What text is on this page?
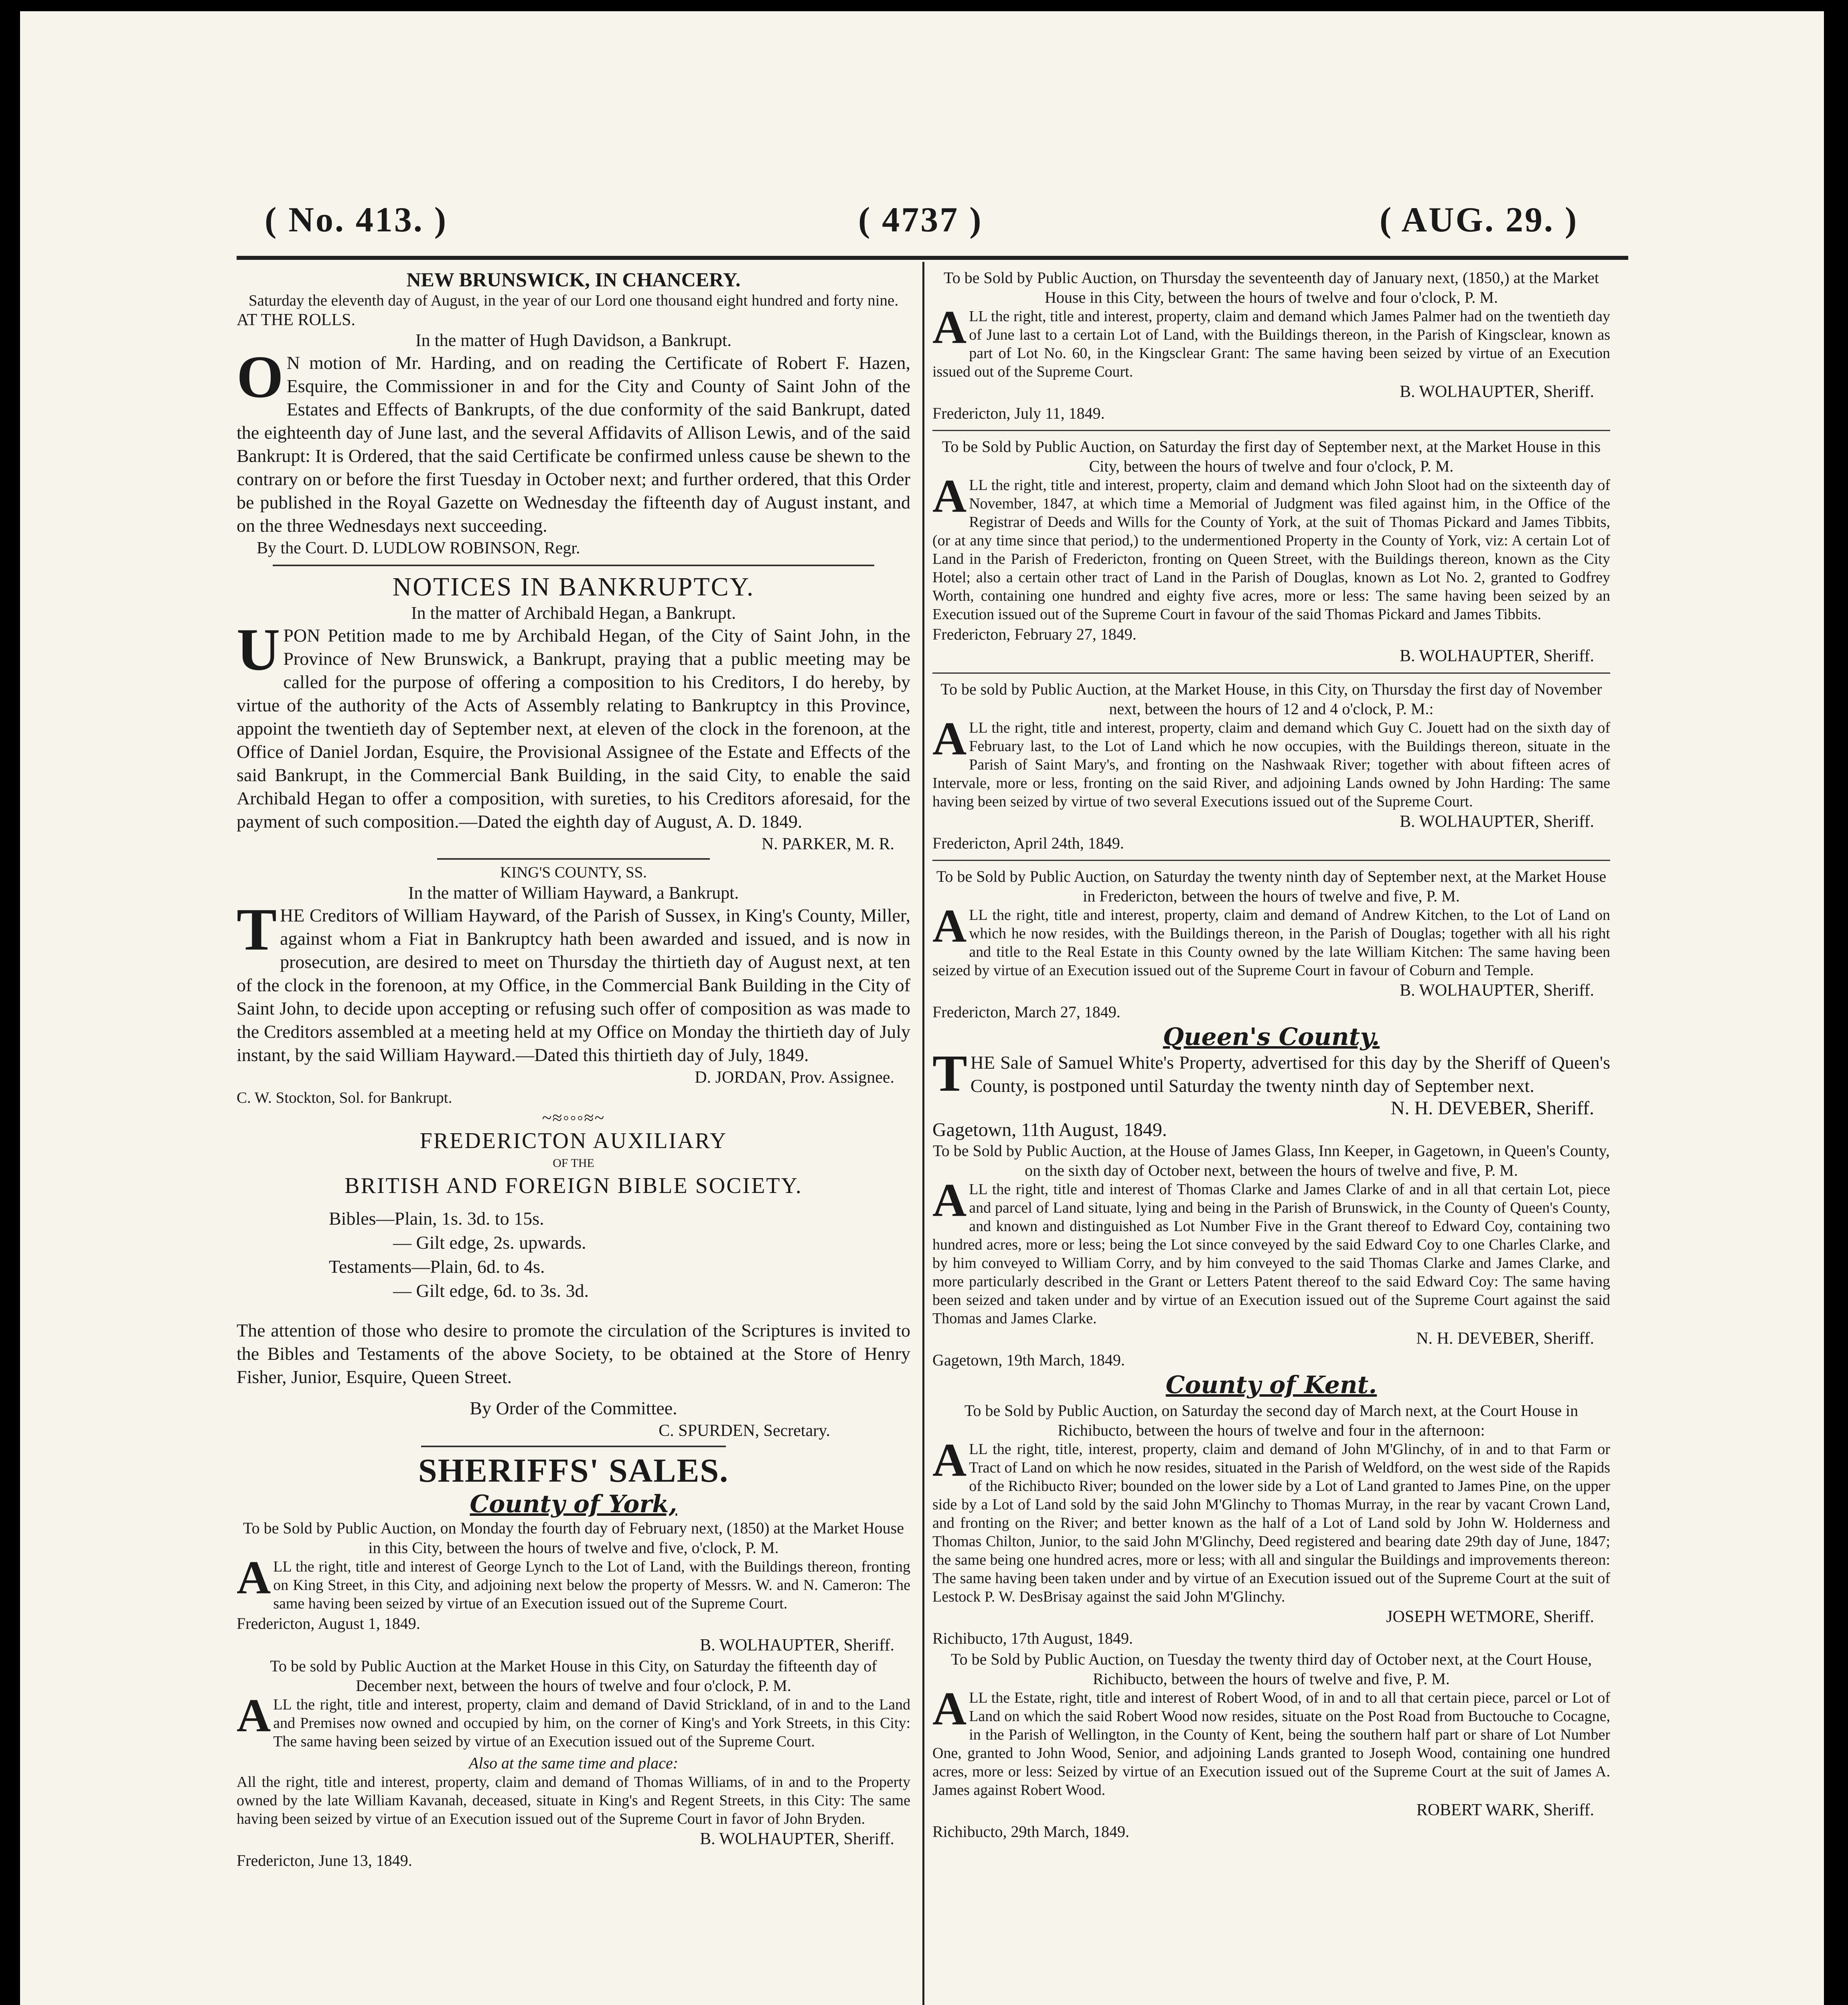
( No. 413. )	( 4737 )	( AUG. 29. )

NEW BRUNSWICK, IN CHANCERY.

Saturday the eleventh day of August, in the year of our Lord one thousand eight hundred and forty nine.

AT THE ROLLS.

In the matter of Hugh Davidson, a Bankrupt.

O N motion of Mr. Harding, and on reading the Certificate of Robert F. Hazen, Esquire, the Commissioner in and for the City and County of Saint John of the Estates and Effects of Bankrupts, of the due conformity of the said Bankrupt, dated the eighteenth day of June last, and the several Affidavits of Allison Lewis, and of the said Bankrupt: It is Ordered, that the said Certificate be confirmed unless cause be shewn to the contrary on or before the first Tuesday in October next; and further ordered, that this Order be published in the Royal Gazette on Wednesday the fifteenth day of August instant, and on the three Wednesdays next succeeding.

By the Court. D. LUDLOW ROBINSON, Regr.

NOTICES IN BANKRUPTCY.

In the matter of Archibald Hegan, a Bankrupt.

UPON Petition made to me by Archibald Hegan, of the City of Saint John, in the Province of New Brunswick, a Bankrupt, praying that a public meeting may be called for the purpose of offering a composition to his Creditors, I do hereby, by virtue of the authority of the Acts of Assembly relating to Bankruptcy in this Province, appoint the twentieth day of September next, at eleven of the clock in the forenoon, at the Office of Daniel Jordan, Esquire, the Provisional Assignee of the Estate and Effects of the said Bankrupt, in the Commercial Bank Building, in the said City, to enable the said Archibald Hegan to offer a composition, with sureties, to his Creditors aforesaid, for the payment of such composition.—Dated the eighth day of August, A. D. 1849.

N. PARKER, M. R.

KING'S COUNTY, SS.

In the matter of William Hayward, a Bankrupt.

THE Creditors of William Hayward, of the Parish of Sussex, in King's County, Miller, against whom a Fiat in Bankruptcy hath been awarded and issued, and is now in prosecution, are desired to meet on Thursday the thirtieth day of August next, at ten of the clock in the forenoon, at my Office, in the Commercial Bank Building in the City of Saint John, to decide upon accepting or refusing such offer of composition as was made to the Creditors assembled at a meeting held at my Office on Monday the thirtieth day of July instant, by the said William Hayward.—Dated this thirtieth day of July, 1849.

D. JORDAN, Prov. Assignee.

C. W. Stockton, Sol. for Bankrupt.

~≈◦◦◦≈~

FREDERICTON AUXILIARY

OF THE

BRITISH AND FOREIGN BIBLE SOCIETY.

Bibles—Plain, 1s. 3d. to 15s.

— Gilt edge, 2s. upwards.

Testaments—Plain, 6d. to 4s.

— Gilt edge, 6d. to 3s. 3d.

The attention of those who desire to promote the circulation of the Scriptures is invited to the Bibles and Testaments of the above Society, to be obtained at the Store of Henry Fisher, Junior, Esquire, Queen Street.

By Order of the Committee.

C. SPURDEN, Secretary.

SHERIFFS' SALES.

County of York,

To be Sold by Public Auction, on Monday the fourth day of February next, (1850) at the Market House in this City, between the hours of twelve and five, o'clock, P. M.

ALL the right, title and interest of George Lynch to the Lot of Land, with the Buildings thereon, fronting on King Street, in this City, and adjoining next below the property of Messrs. W. and N. Cameron: The same having been seized by virtue of an Execution issued out of the Supreme Court.

Fredericton, August 1, 1849.

B. WOLHAUPTER, Sheriff.

To be sold by Public Auction at the Market House in this City, on Saturday the fifteenth day of December next, between the hours of twelve and four o'clock, P. M.

ALL the right, title and interest, property, claim and demand of David Strickland, of in and to the Land and Premises now owned and occupied by him, on the corner of King's and York Streets, in this City: The same having been seized by virtue of an Execution issued out of the Supreme Court.

Also at the same time and place:

All the right, title and interest, property, claim and demand of Thomas Williams, of in and to the Property owned by the late William Kavanah, deceased, situate in King's and Regent Streets, in this City: The same having been seized by virtue of an Execution issued out of the Supreme Court in favor of John Bryden.

B. WOLHAUPTER, Sheriff.

Fredericton, June 13, 1849.

To be Sold by Public Auction, on Thursday the seventeenth day of January next, (1850,) at the Market House in this City, between the hours of twelve and four o'clock, P. M.

ALL the right, title and interest, property, claim and demand which James Palmer had on the twentieth day of June last to a certain Lot of Land, with the Buildings thereon, in the Parish of Kingsclear, known as part of Lot No. 60, in the Kingsclear Grant: The same having been seized by virtue of an Execution issued out of the Supreme Court.

B. WOLHAUPTER, Sheriff.

Fredericton, July 11, 1849.

To be Sold by Public Auction, on Saturday the first day of September next, at the Market House in this City, between the hours of twelve and four o'clock, P. M.

ALL the right, title and interest, property, claim and demand which John Sloot had on the sixteenth day of November, 1847, at which time a Memorial of Judgment was filed against him, in the Office of the Registrar of Deeds and Wills for the County of York, at the suit of Thomas Pickard and James Tibbits, (or at any time since that period,) to the undermentioned Property in the County of York, viz: A certain Lot of Land in the Parish of Fredericton, fronting on Queen Street, with the Buildings thereon, known as the City Hotel; also a certain other tract of Land in the Parish of Douglas, known as Lot No. 2, granted to Godfrey Worth, containing one hundred and eighty five acres, more or less: The same having been seized by an Execution issued out of the Supreme Court in favour of the said Thomas Pickard and James Tibbits.

Fredericton, February 27, 1849.

B. WOLHAUPTER, Sheriff.

To be sold by Public Auction, at the Market House, in this City, on Thursday the first day of November next, between the hours of 12 and 4 o'clock, P. M.:

ALL the right, title and interest, property, claim and demand which Guy C. Jouett had on the sixth day of February last, to the Lot of Land which he now occupies, with the Buildings thereon, situate in the Parish of Saint Mary's, and fronting on the Nashwaak River; together with about fifteen acres of Intervale, more or less, fronting on the said River, and adjoining Lands owned by John Harding: The same having been seized by virtue of two several Executions issued out of the Supreme Court.

B. WOLHAUPTER, Sheriff.

Fredericton, April 24th, 1849.

To be Sold by Public Auction, on Saturday the twenty ninth day of September next, at the Market House in Fredericton, between the hours of twelve and five, P. M.

ALL the right, title and interest, property, claim and demand of Andrew Kitchen, to the Lot of Land on which he now resides, with the Buildings thereon, in the Parish of Douglas; together with all his right and title to the Real Estate in this County owned by the late William Kitchen: The same having been seized by virtue of an Execution issued out of the Supreme Court in favour of Coburn and Temple.

B. WOLHAUPTER, Sheriff.

Fredericton, March 27, 1849.

Queen's County.

THE Sale of Samuel White's Property, advertised for this day by the Sheriff of Queen's County, is postponed until Saturday the twenty ninth day of September next.

N. H. DEVEBER, Sheriff.

Gagetown, 11th August, 1849.

To be Sold by Public Auction, at the House of James Glass, Inn Keeper, in Gagetown, in Queen's County, on the sixth day of October next, between the hours of twelve and five, P. M.

ALL the right, title and interest of Thomas Clarke and James Clarke of and in all that certain Lot, piece and parcel of Land situate, lying and being in the Parish of Brunswick, in the County of Queen's County, and known and distinguished as Lot Number Five in the Grant thereof to Edward Coy, containing two hundred acres, more or less; being the Lot since conveyed by the said Edward Coy to one Charles Clarke, and by him conveyed to William Corry, and by him conveyed to the said Thomas Clarke and James Clarke, and more particularly described in the Grant or Letters Patent thereof to the said Edward Coy: The same having been seized and taken under and by virtue of an Execution issued out of the Supreme Court against the said Thomas and James Clarke.

N. H. DEVEBER, Sheriff.

Gagetown, 19th March, 1849.

County of Kent.

To be Sold by Public Auction, on Saturday the second day of March next, at the Court House in Richibucto, between the hours of twelve and four in the afternoon:

ALL the right, title, interest, property, claim and demand of John M'Glinchy, of in and to that Farm or Tract of Land on which he now resides, situated in the Parish of Weldford, on the west side of the Rapids of the Richibucto River; bounded on the lower side by a Lot of Land granted to James Pine, on the upper side by a Lot of Land sold by the said John M'Glinchy to Thomas Murray, in the rear by vacant Crown Land, and fronting on the River; and better known as the half of a Lot of Land sold by John W. Holderness and Thomas Chilton, Junior, to the said John M'Glinchy, Deed registered and bearing date 29th day of June, 1847; the same being one hundred acres, more or less; with all and singular the Buildings and improvements thereon: The same having been taken under and by virtue of an Execution issued out of the Supreme Court at the suit of Lestock P. W. DesBrisay against the said John M'Glinchy.

JOSEPH WETMORE, Sheriff.

Richibucto, 17th August, 1849.

To be Sold by Public Auction, on Tuesday the twenty third day of October next, at the Court House, Richibucto, between the hours of twelve and five, P. M.

ALL the Estate, right, title and interest of Robert Wood, of in and to all that certain piece, parcel or Lot of Land on which the said Robert Wood now resides, situate on the Post Road from Buctouche to Cocagne, in the Parish of Wellington, in the County of Kent, being the southern half part or share of Lot Number One, granted to John Wood, Senior, and adjoining Lands granted to Joseph Wood, containing one hundred acres, more or less: Seized by virtue of an Execution issued out of the Supreme Court at the suit of James A. James against Robert Wood.

ROBERT WARK, Sheriff.

Richibucto, 29th March, 1849.
